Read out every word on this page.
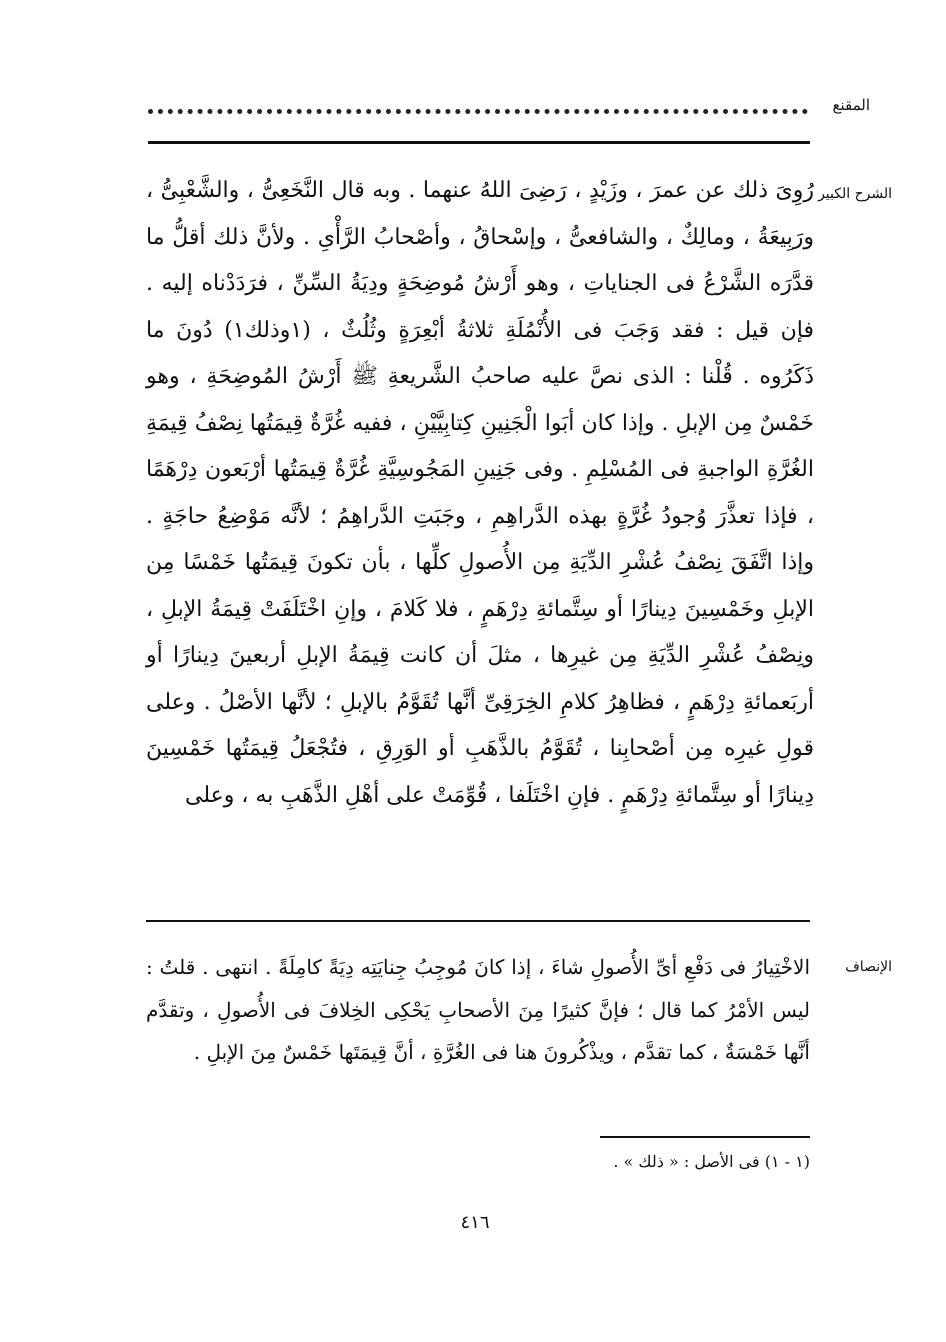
المقنع
الشرح الكبير
رُوِىَ ذلك عن عمرَ ، وزَيْدٍ ، رَضِىَ اللهُ عنهما . وبه قال النَّخَعِىُّ ، والشَّعْبِىُّ ، ورَبِيعَةُ ، ومالِكٌ ، والشافعىُّ ، وإسْحاقُ ، وأصْحابُ الرَّأْىِ . ولأنَّ ذلك أقلُّ ما قدَّرَه الشَّرْعُ فى الجناياتِ ، وهو أَرْشُ مُوضِحَةٍ ودِيَةُ السِّنِّ ، فرَدَدْناه إليه . فإن قيل : فقد وَجَبَ فى الأُنْمُلَةِ ثلاثةُ أبْعِرَةٍ وثُلُثٌ ، (١وذلك١) دُونَ ما ذَكَرُوه . قُلْنا : الذى نصَّ عليه صاحبُ الشَّريعةِ ﷺ أَرْشُ المُوضِحَةِ ، وهو خَمْسٌ مِن الإبلِ . وإذا كان أبَوا الْجَنِينِ كِتابِيَّيْنِ ، ففيه غُرَّةٌ قِيمَتُها نِصْفُ قِيمَةِ الغُرَّةِ الواجبةِ فى المُسْلِمِ . وفى جَنِينِ المَجُوسِيَّةِ غُرَّةٌ قِيمَتُها أرْبَعون دِرْهَمًا ، فإذا تعذَّرَ وُجودُ غُرَّةٍ بهذه الدَّراهِمِ ، وجَبَتِ الدَّراهِمُ ؛ لأنَّه مَوْضِعُ حاجَةٍ . وإذا اتَّفَقَ نِصْفُ عُشْرِ الدِّيَةِ مِن الأُصولِ كلِّها ، بأن تكونَ قِيمَتُها خَمْسًا مِن الإبلِ وخَمْسِينَ دِينارًا أو سِتَّمائةِ دِرْهَمٍ ، فلا كَلامَ ، وإنِ اخْتَلَفَتْ قِيمَةُ الإبلِ ، ونِصْفُ عُشْرِ الدِّيَةِ مِن غيرِها ، مثلَ أن كانت قِيمَةُ الإبلِ أربعينَ دِينارًا أو أربَعمائةِ دِرْهَمٍ ، فظاهِرُ كلامِ الخِرَقِىِّ أنَّها تُقَوَّمُ بالإبلِ ؛ لأنَّها الأصْلُ . وعلى قولِ غيرِه مِن أصْحابِنا ، تُقَوَّمُ بالذَّهَبِ أو الوَرِقِ ، فتُجْعَلُ قِيمَتُها خَمْسِينَ دِينارًا أو سِتَّمائةِ دِرْهَمٍ . فإنِ اخْتَلَفا ، قُوِّمَتْ على أهْلِ الذَّهَبِ به ، وعلى
الإنصاف
الاخْتِيارُ فى دَفْعِ أىِّ الأُصولِ شاءَ ، إذا كانَ مُوجِبُ جِنايَتِه دِيَةً كامِلَةً . انتهى . قلتُ : ليس الأمْرُ كما قال ؛ فإنَّ كثيرًا مِنَ الأصحابِ يَحْكِى الخِلافَ فى الأُصولِ ، وتقدَّم أنَّها خَمْسَةٌ ، كما تقدَّم ، ويذْكُرونَ هنا فى الغُرَّةِ ، أنَّ قِيمَتَها خَمْسٌ مِنَ الإبلِ .
(١ - ١) فى الأصل : « ذلك » .
٤١٦
